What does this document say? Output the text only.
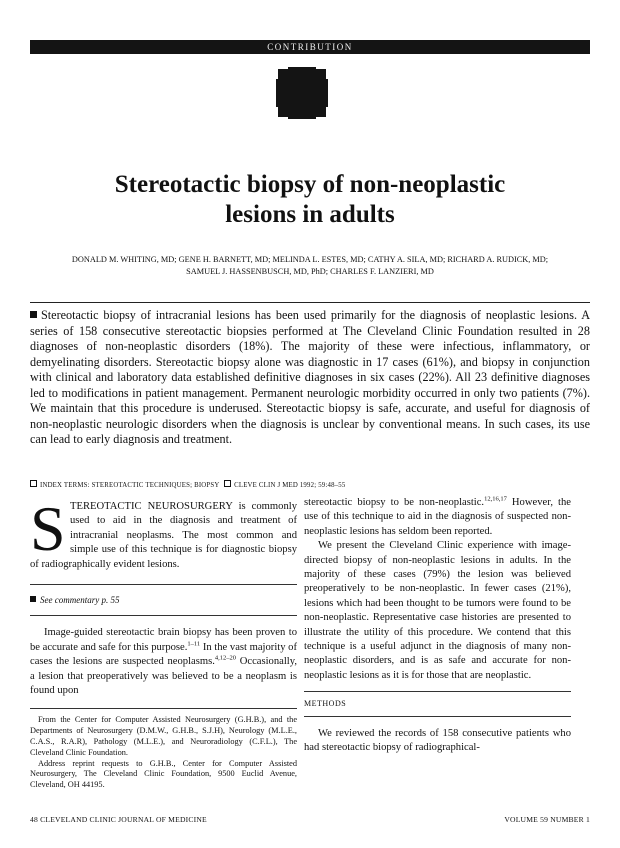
CONTRIBUTION
Stereotactic biopsy of non-neoplastic
lesions in adults
DONALD M. WHITING, MD; GENE H. BARNETT, MD; MELINDA L. ESTES, MD; CATHY A. SILA, MD; RICHARD A. RUDICK, MD;
SAMUEL J. HASSENBUSCH, MD, PhD; CHARLES F. LANZIERI, MD

Stereotactic biopsy of intracranial lesions has been used primarily for the diagnosis of neoplastic lesions. A series of 158 consecutive stereotactic biopsies performed at The Cleveland Clinic Foundation resulted in 28 diagnoses of non-neoplastic disorders (18%). The majority of these were infectious, inflammatory, or demyelinating disorders. Stereotactic biopsy alone was diagnostic in 17 cases (61%), and biopsy in conjunction with clinical and laboratory data established definitive diagnoses in six cases (22%). All 23 definitive diagnoses led to modifications in patient management. Permanent neurologic morbidity occurred in only two patients (7%). We maintain that this procedure is underused. Stereotactic biopsy is safe, accurate, and useful for diagnosis of non-neoplastic neurologic disorders when the diagnosis is unclear by conventional means. In such cases, its use can lead to early diagnosis and treatment.

INDEX TERMS: STEREOTACTIC TECHNIQUES; BIOPSY CLEVE CLIN J MED 1992; 59:48–55

STEREOTACTIC NEUROSURGERY is commonly used to aid in the diagnosis and treatment of intracranial neoplasms. The most common and simple use of this technique is for diagnostic biopsy of radiographically evident lesions.

See commentary p. 55

Image-guided stereotactic brain biopsy has been proven to be accurate and safe for this purpose.$^{1-11}$ In the vast majority of cases the lesions are suspected neoplasms.$^{4,12-20}$ Occasionally, a lesion that preoperatively was believed to be a neoplasm is found upon

From the Center for Computer Assisted Neurosurgery (G.H.B.), and the Departments of Neurosurgery (D.M.W., G.H.B., S.J.H), Neurology (M.L.E., C.A.S., R.A.R), Pathology (M.L.E.), and Neuroradiology (C.F.L.), The Cleveland Clinic Foundation.

Address reprint requests to G.H.B., Center for Computer Assisted Neurosurgery, The Cleveland Clinic Foundation, 9500 Euclid Avenue, Cleveland, OH 44195.

stereotactic biopsy to be non-neoplastic.$^{12,16,17}$ However, the use of this technique to aid in the diagnosis of suspected non-neoplastic lesions has seldom been reported.

We present the Cleveland Clinic experience with image-directed biopsy of non-neoplastic lesions in adults. In the majority of these cases (79%) the lesion was believed preoperatively to be non-neoplastic. In fewer cases (21%), lesions which had been thought to be tumors were found to be non-neoplastic. Representative case histories are presented to illustrate the utility of this procedure. We contend that this technique is a useful adjunct in the diagnosis of many non-neoplastic disorders, and is as safe and accurate for non-neoplastic lesions as it is for those that are neoplastic.

METHODS

We reviewed the records of 158 consecutive patients who had stereotactic biopsy of radiographical-

48 CLEVELAND CLINIC JOURNAL OF MEDICINE	VOLUME 59 NUMBER 1
